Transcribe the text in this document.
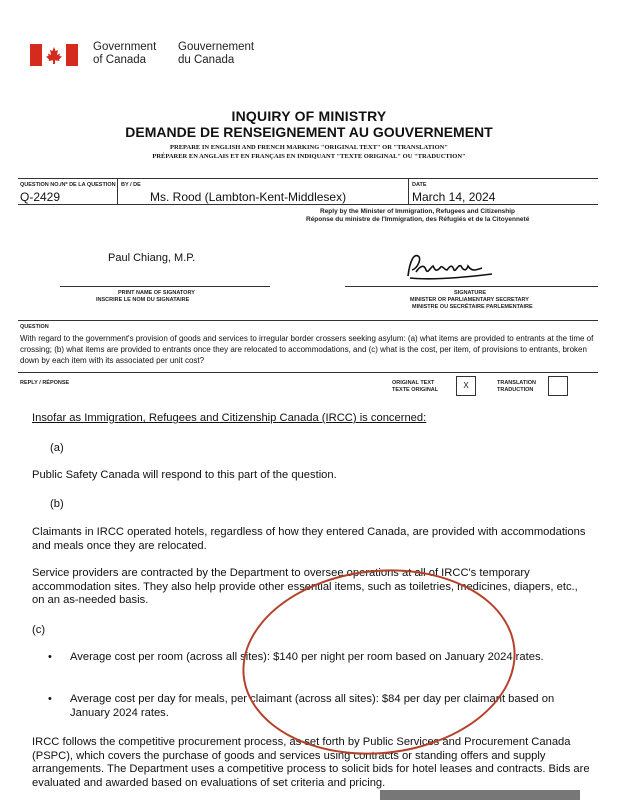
Government
of Canada
Gouvernement
du Canada
INQUIRY OF MINISTRY
DEMANDE DE RENSEIGNEMENT AU GOUVERNEMENT
PREPARE IN ENGLISH AND FRENCH MARKING "ORIGINAL TEXT" OR "TRANSLATION"
PRÉPARER EN ANGLAIS ET EN FRANÇAIS EN INDIQUANT "TEXTE ORIGINAL" OU "TRADUCTION"
QUESTION NO./Nº DE LA QUESTION
Q-2429
BY / DE
Ms. Rood (Lambton-Kent-Middlesex)
DATE
March 14, 2024
Reply by the Minister of Immigration, Refugees and Citizenship
Réponse du ministre de l'Immigration, des Réfugiés et de la Citoyenneté
Paul Chiang, M.P.
PRINT NAME OF SIGNATORY
INSCRIRE LE NOM DU SIGNATAIRE
SIGNATURE
MINISTER OR PARLIAMENTARY SECRETARY
MINISTRE OU SECRÉTAIRE PARLEMENTAIRE
QUESTION
With regard to the government's provision of goods and services to irregular border crossers seeking asylum: (a) what items are provided to entrants at the time of crossing; (b) what items are provided to entrants once they are relocated to accommodations, and (c) what is the cost, per item, of provisions to entrants, broken down by each item with its associated per unit cost?
REPLY / RÉPONSE	ORIGINAL TEXT
TEXTE ORIGINAL	X	TRANSLATION
TRADUCTION
Insofar as Immigration, Refugees and Citizenship Canada (IRCC) is concerned:
(a)
Public Safety Canada will respond to this part of the question.
(b)
Claimants in IRCC operated hotels, regardless of how they entered Canada, are provided with accommodations and meals once they are relocated.
Service providers are contracted by the Department to oversee operations at all of IRCC's temporary accommodation sites. They also help provide other essential items, such as toiletries, medicines, diapers, etc., on an as-needed basis.
(c)
• Average cost per room (across all sites): $140 per night per room based on January 2024 rates.
• Average cost per day for meals, per claimant (across all sites): $84 per day per claimant based on January 2024 rates.
IRCC follows the competitive procurement process, as set forth by Public Services and Procurement Canada (PSPC), which covers the purchase of goods and services using contracts or standing offers and supply arrangements. The Department uses a competitive process to solicit bids for hotel leases and contracts. Bids are evaluated and awarded based on evaluations of set criteria and pricing.
